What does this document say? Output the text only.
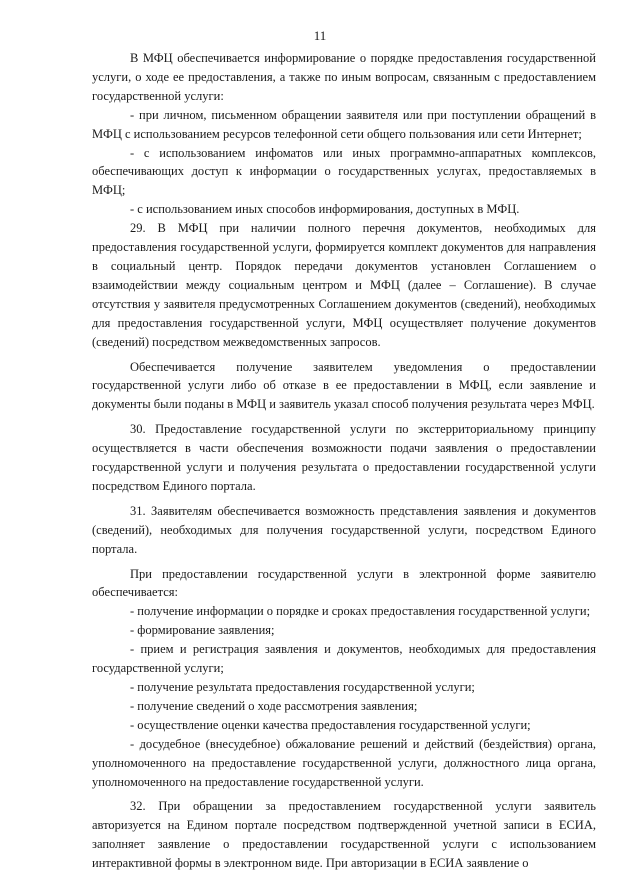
11

В МФЦ обеспечивается информирование о порядке предоставления государственной услуги, о ходе ее предоставления, а также по иным вопросам, связанным с предоставлением государственной услуги:

- при личном, письменном обращении заявителя или при поступлении обращений в МФЦ с использованием ресурсов телефонной сети общего пользования или сети Интернет;

- с использованием инфоматов или иных программно-аппаратных комплексов, обеспечивающих доступ к информации о государственных услугах, предоставляемых в МФЦ;

- с использованием иных способов информирования, доступных в МФЦ.

29. В МФЦ при наличии полного перечня документов, необходимых для предоставления государственной услуги, формируется комплект документов для направления в социальный центр. Порядок передачи документов установлен Соглашением о взаимодействии между социальным центром и МФЦ (далее – Соглашение). В случае отсутствия у заявителя предусмотренных Соглашением документов (сведений), необходимых для предоставления государственной услуги, МФЦ осуществляет получение документов (сведений) посредством межведомственных запросов.

Обеспечивается получение заявителем уведомления о предоставлении государственной услуги либо об отказе в ее предоставлении в МФЦ, если заявление и документы были поданы в МФЦ и заявитель указал способ получения результата через МФЦ.

30. Предоставление государственной услуги по экстерриториальному принципу осуществляется в части обеспечения возможности подачи заявления о предоставлении государственной услуги и получения результата о предоставлении государственной услуги посредством Единого портала.

31. Заявителям обеспечивается возможность представления заявления и документов (сведений), необходимых для получения государственной услуги, посредством Единого портала.

При предоставлении государственной услуги в электронной форме заявителю обеспечивается:

- получение информации о порядке и сроках предоставления государственной услуги;

- формирование заявления;

- прием и регистрация заявления и документов, необходимых для предоставления государственной услуги;

- получение результата предоставления государственной услуги;

- получение сведений о ходе рассмотрения заявления;

- осуществление оценки качества предоставления государственной услуги;

- досудебное (внесудебное) обжалование решений и действий (бездействия) органа, уполномоченного на предоставление государственной услуги, должностного лица органа, уполномоченного на предоставление государственной услуги.

32. При обращении за предоставлением государственной услуги заявитель авторизуется на Едином портале посредством подтвержденной учетной записи в ЕСИА, заполняет заявление о предоставлении государственной услуги с использованием интерактивной формы в электронном виде. При авторизации в ЕСИА заявление о
